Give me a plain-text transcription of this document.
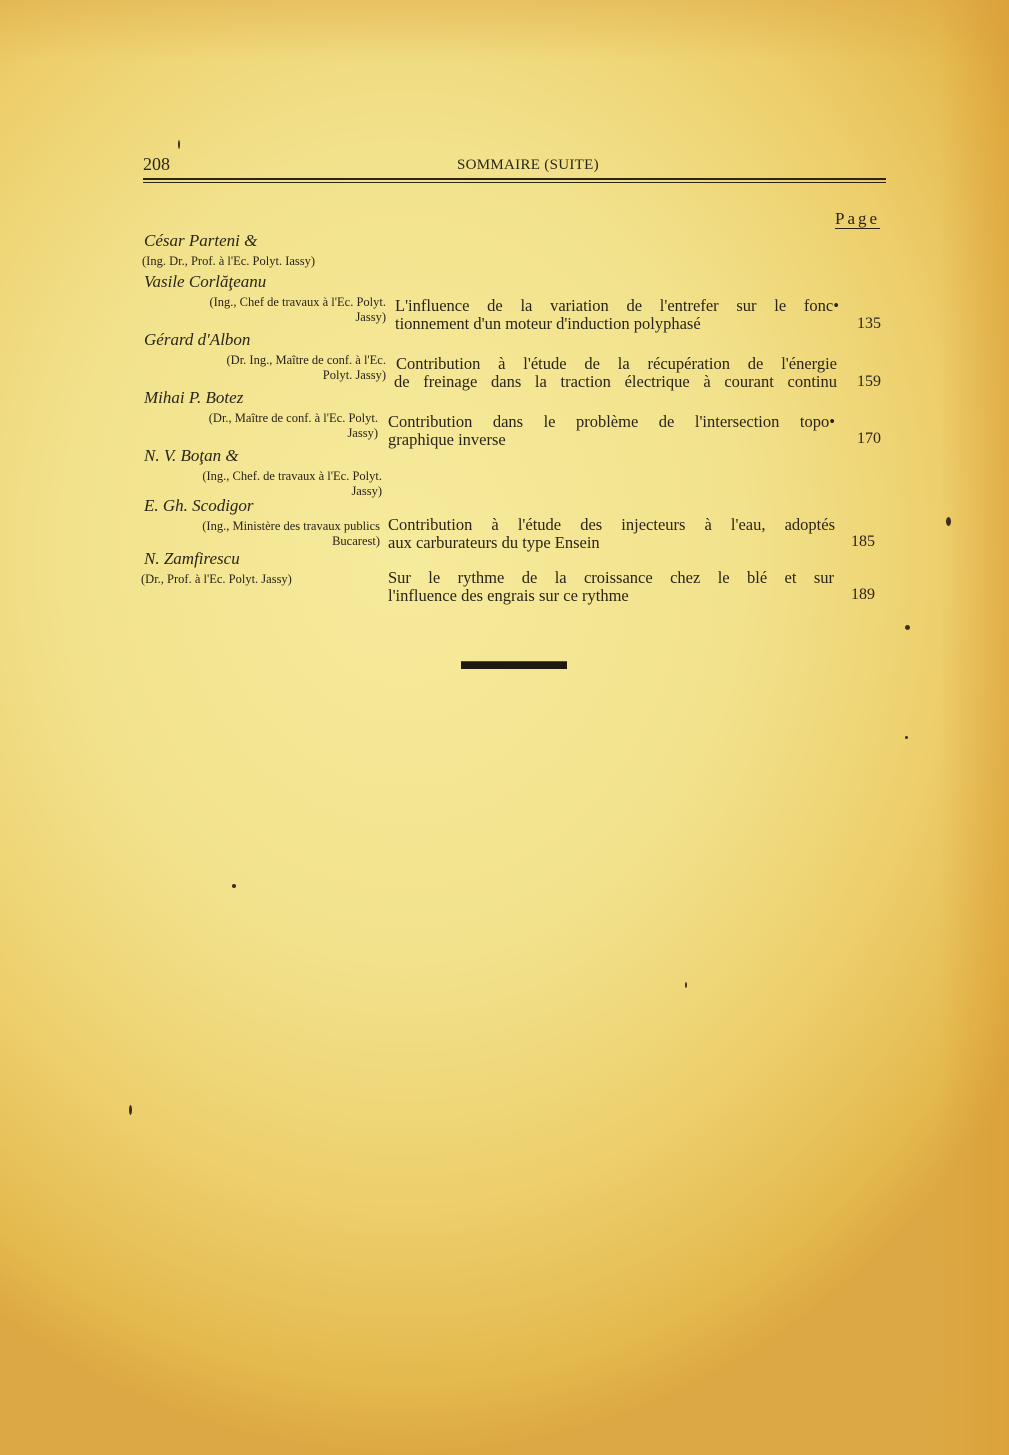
208	SOMMAIRE (SUITE)

Page

César Parteni &

(Ing. Dr., Prof. à l'Ec. Polyt. Iassy)

Vasile Corlăţeanu

(Ing., Chef de travaux à l'Ec. Polyt.
Jassy)
L'influence de la variation de l'entrefer sur le fonc•
tionnement d'un moteur d'induction polyphasé	135

Gérard d'Albon

(Dr. Ing., Maître de conf. à l'Ec.
Polyt. Jassy)
Contribution à l'étude de la récupération de l'énergie
de freinage dans la traction électrique à courant continu 159

Mihai P. Botez

(Dr., Maître de conf. à l'Ec. Polyt.
Jassy)
Contribution dans le problème de l'intersection topo•
graphique inverse	170

N. V. Boţan &

(Ing., Chef. de travaux à l'Ec. Polyt.
Jassy)

E. Gh. Scodigor

(Ing., Ministère des travaux publics
Bucarest)
Contribution à l'étude des injecteurs à l'eau, adoptés
aux carburateurs du type Ensein	185

N. Zamfirescu

(Dr., Prof. à l'Ec. Polyt. Jassy)	Sur le rythme de la croissance chez le blé et sur
l'influence des engrais sur ce rythme	189
